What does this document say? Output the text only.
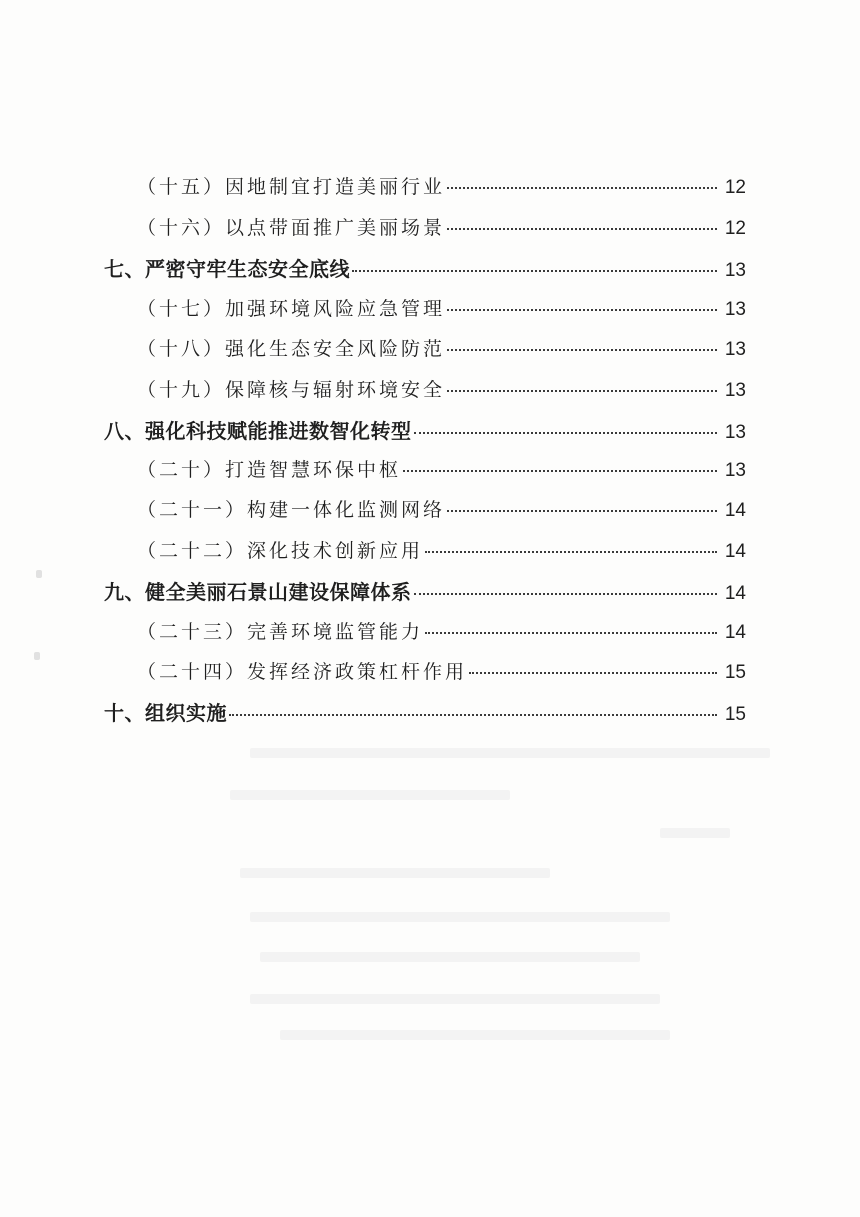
（十五）因地制宜打造美丽行业	12
（十六）以点带面推广美丽场景	12
七、严密守牢生态安全底线	13
（十七）加强环境风险应急管理	13
（十八）强化生态安全风险防范	13
（十九）保障核与辐射环境安全	13
八、强化科技赋能推进数智化转型	13
（二十）打造智慧环保中枢	13
（二十一）构建一体化监测网络	14
（二十二）深化技术创新应用	14
九、健全美丽石景山建设保障体系	14
（二十三）完善环境监管能力	14
（二十四）发挥经济政策杠杆作用	15
十、组织实施	15
